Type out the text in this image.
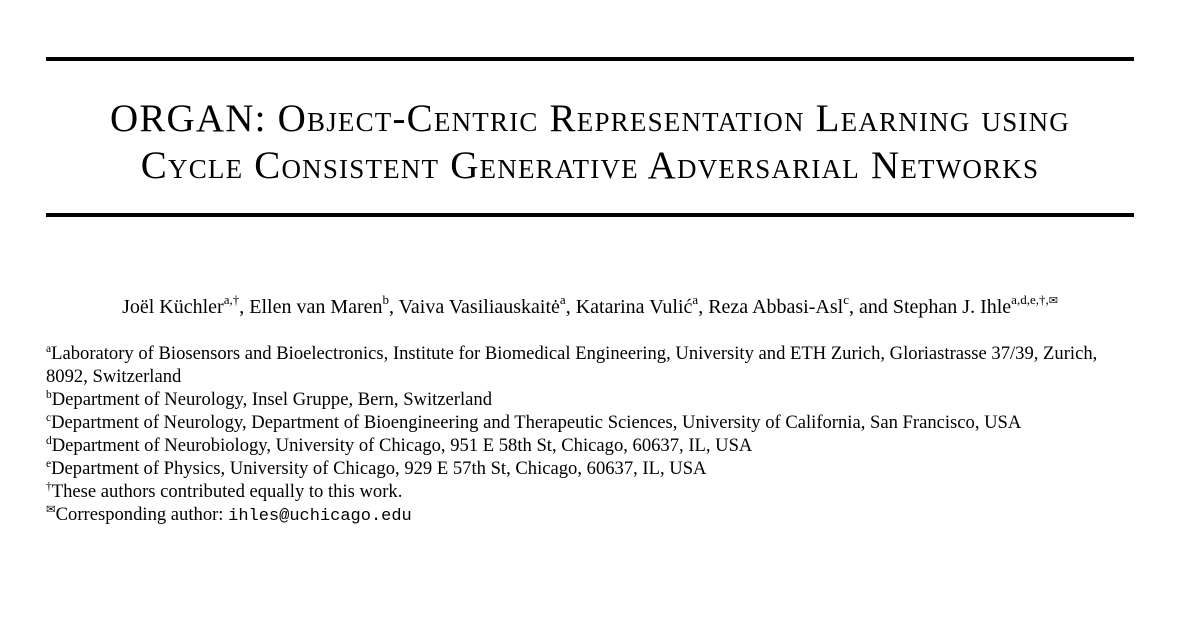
ORGAN: Object-Centric Representation Learning using
Cycle Consistent Generative Adversarial Networks
Joël Küchler$^{a,\dagger}$, Ellen van Maren$^b$, Vaiva Vasiliauskaitė$^a$, Katarina Vulić$^a$, Reza Abbasi-Asl$^c$, and Stephan J. Ihle$^{a,d,e,\dagger,✉}$
$^a$Laboratory of Biosensors and Bioelectronics, Institute for Biomedical Engineering, University and ETH Zurich, Gloriastrasse 37/39, Zurich, 8092, Switzerland
$^b$Department of Neurology, Insel Gruppe, Bern, Switzerland
$^c$Department of Neurology, Department of Bioengineering and Therapeutic Sciences, University of California, San Francisco, USA
$^d$Department of Neurobiology, University of Chicago, 951 E 58th St, Chicago, 60637, IL, USA
$^e$Department of Physics, University of Chicago, 929 E 57th St, Chicago, 60637, IL, USA
†These authors contributed equally to this work.
✉Corresponding author: ihles@uchicago.edu
